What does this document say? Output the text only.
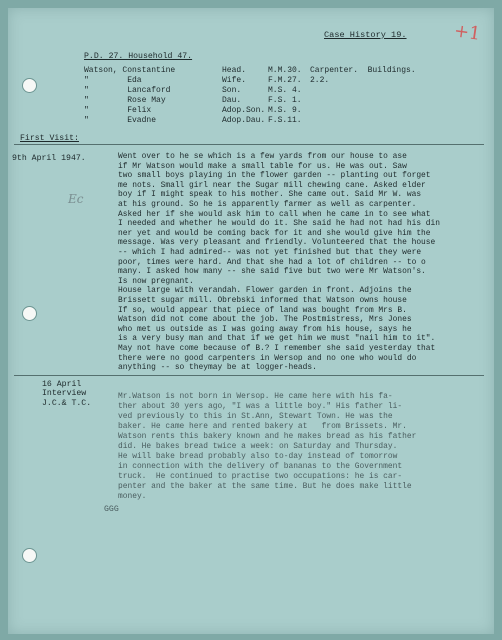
Case History 19.	+1
P.D. 27. Household 47.
Watson, Constantine	Head.	M.M.30. Carpenter.  Buildings.
"        Eda	Wife.	F.M.27. 2.2.
"        Lancaford	Son.	M.S. 4.
"        Rose May	Dau.	F.S. 1.
"        Felix	Adop.Son. M.S. 9.
"        Evadne	Adop.Dau. F.S.11.
First Visit:
9th April 1947.
Ec
Went over to he se which is a few yards from our house to ase
if Mr Watson would make a small table for us. He was out. Saw
two small boys playing in the flower garden -- planting out forget
me nots. Small girl near the Sugar mill chewing cane. Asked elder
boy if I might speak to his mother. She came out. Said Mr W. was
at his ground. So he is apparently farmer as well as carpenter.
Asked her if she would ask him to call when he came in to see what
I needed and whether he would do it. She said he had not had his din
ner yet and would be coming back for it and she would give him the
message. Was very pleasant and friendly. Volunteered that the house
-- which I had admired-- was not yet finished but that they were
poor, times were hard. And that she had a lot of children -- to o
many. I asked how many -- she said five but two were Mr Watson's.
Is now pregnant.
House large with verandah. Flower garden in front. Adjoins the
Brissett sugar mill. Obrebski informed that Watson owns house
If so, would appear that piece of land was bought from Mrs B.
Watson did not come about the job. The Postmistress, Mrs Jones
who met us outside as I was going away from his house, says he
is a very busy man and that if we get him we must "nail him to it".
May not have come because of B.? I remember she said yesterday that
there were no good carpenters in Wersop and no one who would do
anything -- so theymay be at logger-heads.
16 April
Interview
J.C.& T.C.
Mr.Watson is not born in Wersop. He came here with his fa-
ther about 30 yers ago, "I was a little boy." His father li-
ved previously to this in St.Ann, Stewart Town. He was the
baker. He came here and rented bakery at   from Brissets. Mr.
Watson rents this bakery known and he makes bread as his father
did. He bakes bread twice a week: on Saturday and Thursday.
He will bake bread probably also to-day instead of tomorrow
in connection with the delivery of bananas to the Government
truck.  He continued to practise two occupations: he is car-
penter and the baker at the same time. But he does make little
money.
GGG
